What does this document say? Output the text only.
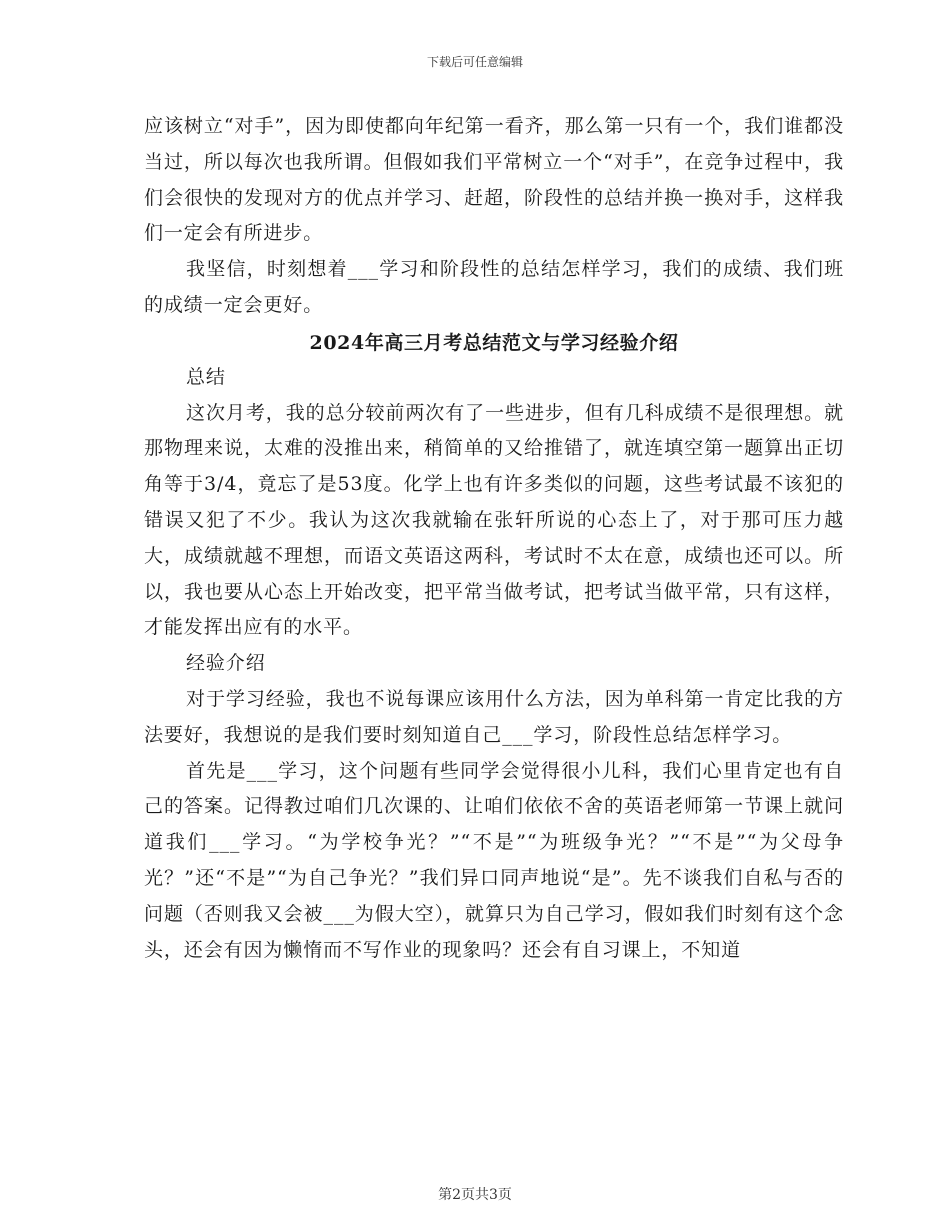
下载后可任意编辑

应该树立“对手”，因为即使都向年纪第一看齐，那么第一只有一个，我们谁都没当过，所以每次也我所谓。但假如我们平常树立一个“对手”，在竞争过程中，我们会很快的发现对方的优点并学习、赶超，阶段性的总结并换一换对手，这样我们一定会有所进步。

我坚信，时刻想着___学习和阶段性的总结怎样学习，我们的成绩、我们班的成绩一定会更好。

2024年高三月考总结范文与学习经验介绍

总结

这次月考，我的总分较前两次有了一些进步，但有几科成绩不是很理想。就那物理来说，太难的没推出来，稍简单的又给推错了，就连填空第一题算出正切角等于3/4，竟忘了是53度。化学上也有许多类似的问题，这些考试最不该犯的错误又犯了不少。我认为这次我就输在张轩所说的心态上了，对于那可压力越大，成绩就越不理想，而语文英语这两科，考试时不太在意，成绩也还可以。所以，我也要从心态上开始改变，把平常当做考试，把考试当做平常，只有这样，才能发挥出应有的水平。

经验介绍

对于学习经验，我也不说每课应该用什么方法，因为单科第一肯定比我的方法要好，我想说的是我们要时刻知道自己___学习，阶段性总结怎样学习。

首先是___学习，这个问题有些同学会觉得很小儿科，我们心里肯定也有自己的答案。记得教过咱们几次课的、让咱们依依不舍的英语老师第一节课上就问道我们___学习。“为学校争光？”“不是”“为班级争光？”“不是”“为父母争光？”还“不是”“为自己争光？”我们异口同声地说“是”。先不谈我们自私与否的问题（否则我又会被___为假大空），就算只为自己学习，假如我们时刻有这个念头，还会有因为懒惰而不写作业的现象吗？还会有自习课上，不知道

第2页共3页
